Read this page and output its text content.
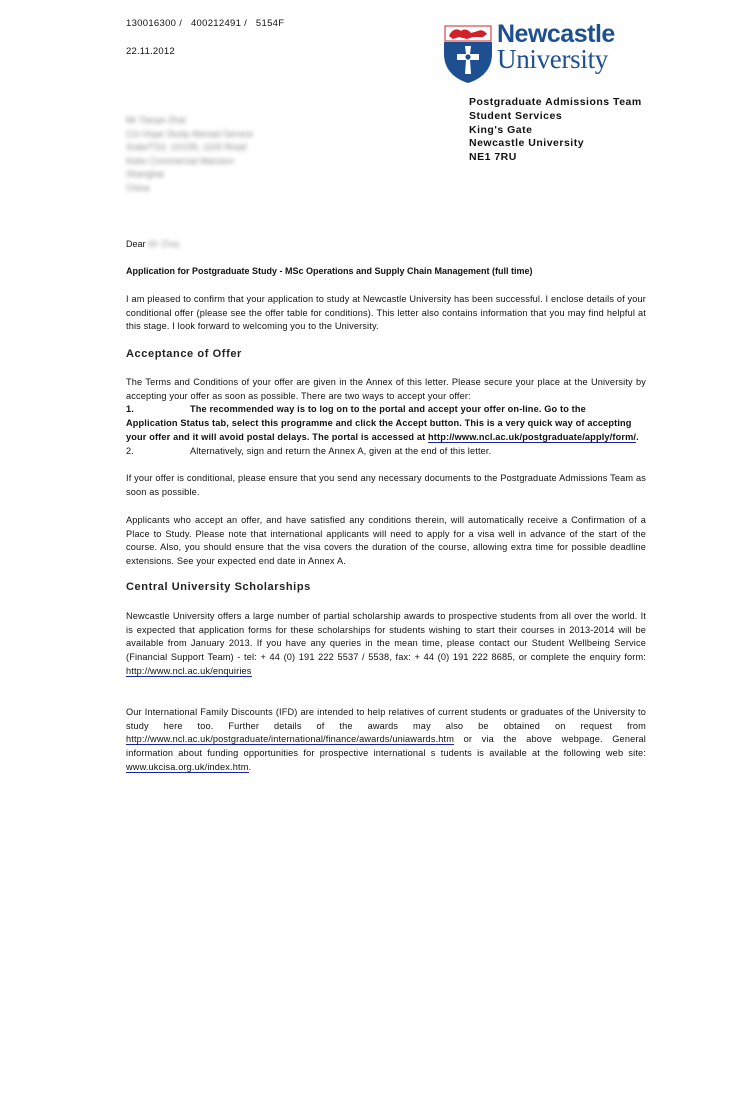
130016300 /   400212491 /   5154F
22.11.2012
Newcastle
University
Postgraduate Admissions Team
Student Services
King's Gate
Newcastle University
NE1 7RU
Mr Tianye Zhai
C/o Hope Study Abroad Service
Suite/TS3, 10/195, 1100 Road
Kebo Commercial Mansion
Shanghai
China
Dear Mr Zhai,
Application for Postgraduate Study - MSc Operations and Supply Chain Management (full time)
I am pleased to confirm that your application to study at Newcastle University has been successful. I enclose details of your conditional offer (please see the offer table for conditions). This letter also contains information that you may find helpful at this stage. I look forward to welcoming you to the University.
Acceptance of Offer
The Terms and Conditions of your offer are given in the Annex of this letter. Please secure your place at the University by accepting your offer as soon as possible. There are two ways to accept your offer:
1.	The recommended way is to log on to the portal and accept your offer on-line. Go to the
Application Status tab, select this programme and click the Accept button. This is a very quick way of accepting
your offer and it will avoid postal delays. The portal is accessed at http://www.ncl.ac.uk/postgraduate/apply/form/.
2.	Alternatively, sign and return the Annex A, given at the end of this letter.
If your offer is conditional, please ensure that you send any necessary documents to the Postgraduate Admissions Team as soon as possible.
Applicants who accept an offer, and have satisfied any conditions therein, will automatically receive a Confirmation of a Place to Study. Please note that international applicants will need to apply for a visa well in advance of the start of the course. Also, you should ensure that the visa covers the duration of the course, allowing extra time for possible deadline extensions. See your expected end date in Annex A.
Central University Scholarships
Newcastle University offers a large number of partial scholarship awards to prospective students from all over the world. It is expected that application forms for these scholarships for students wishing to start their courses in 2013-2014 will be available from January 2013. If you have any queries in the mean time, please contact our Student Wellbeing Service (Financial Support Team) - tel: + 44 (0) 191 222 5537 / 5538, fax: + 44 (0) 191 222 8685, or complete the enquiry form: http://www.ncl.ac.uk/enquiries
Our International Family Discounts (IFD) are intended to help relatives of current students or graduates of the University to study here too. Further details of the awards may also be obtained on request from http://www.ncl.ac.uk/postgraduate/international/finance/awards/uniawards.htm or via the above webpage. General information about funding opportunities for prospective international s tudents is available at the following web site: www.ukcisa.org.uk/index.htm.
